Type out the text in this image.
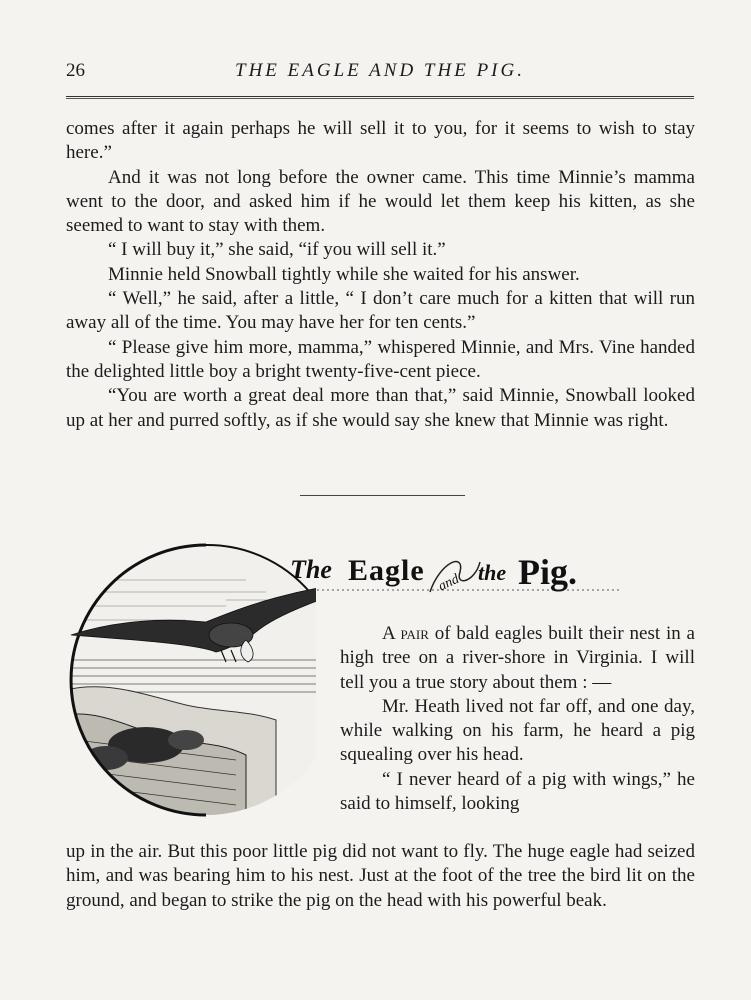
26	THE EAGLE AND THE PIG.

comes after it again perhaps he will sell it to you, for it seems to wish to stay here.”

And it was not long before the owner came. This time Minnie’s mamma went to the door, and asked him if he would let them keep his kitten, as she seemed to want to stay with them.

“ I will buy it,” she said, “if you will sell it.”

Minnie held Snowball tightly while she waited for his answer.

“ Well,” he said, after a little, “ I don’t care much for a kitten that will run away all of the time. You may have her for ten cents.”

“ Please give him more, mamma,” whispered Minnie, and Mrs. Vine handed the delighted little boy a bright twenty-five-cent piece.

“You are worth a great deal more than that,” said Minnie, Snowball looked up at her and purred softly, as if she would say she knew that Minnie was right.

The Eagle and the Pig.

A pair of bald eagles built their nest in a high tree on a river-shore in Virginia. I will tell you a true story about them : —

Mr. Heath lived not far off, and one day, while walking on his farm, he heard a pig squealing over his head.

“ I never heard of a pig with wings,” he said to himself, looking

up in the air. But this poor little pig did not want to fly. The huge eagle had seized him, and was bearing him to his nest. Just at the foot of the tree the bird lit on the ground, and began to strike the pig on the head with his powerful beak.
